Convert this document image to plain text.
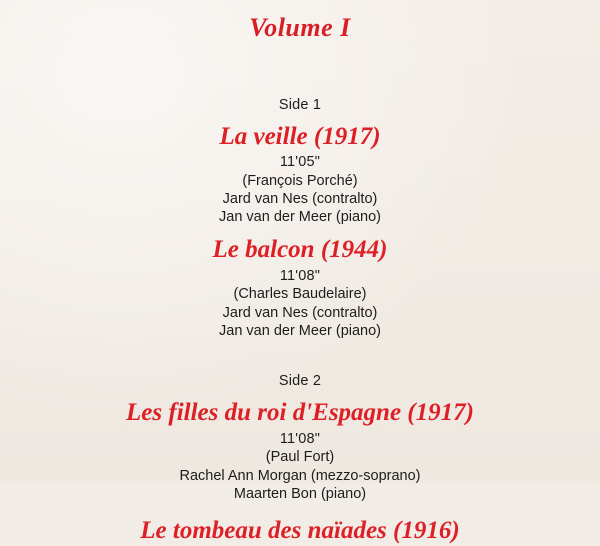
Volume I
Side 1
La veille (1917)
11'05"
(François Porché)
Jard van Nes (contralto)
Jan van der Meer (piano)
Le balcon (1944)
11'08"
(Charles Baudelaire)
Jard van Nes (contralto)
Jan van der Meer (piano)
Side 2
Les filles du roi d'Espagne (1917)
11'08"
(Paul Fort)
Rachel Ann Morgan (mezzo-soprano)
Maarten Bon (piano)
Le tombeau des naïades (1916)
